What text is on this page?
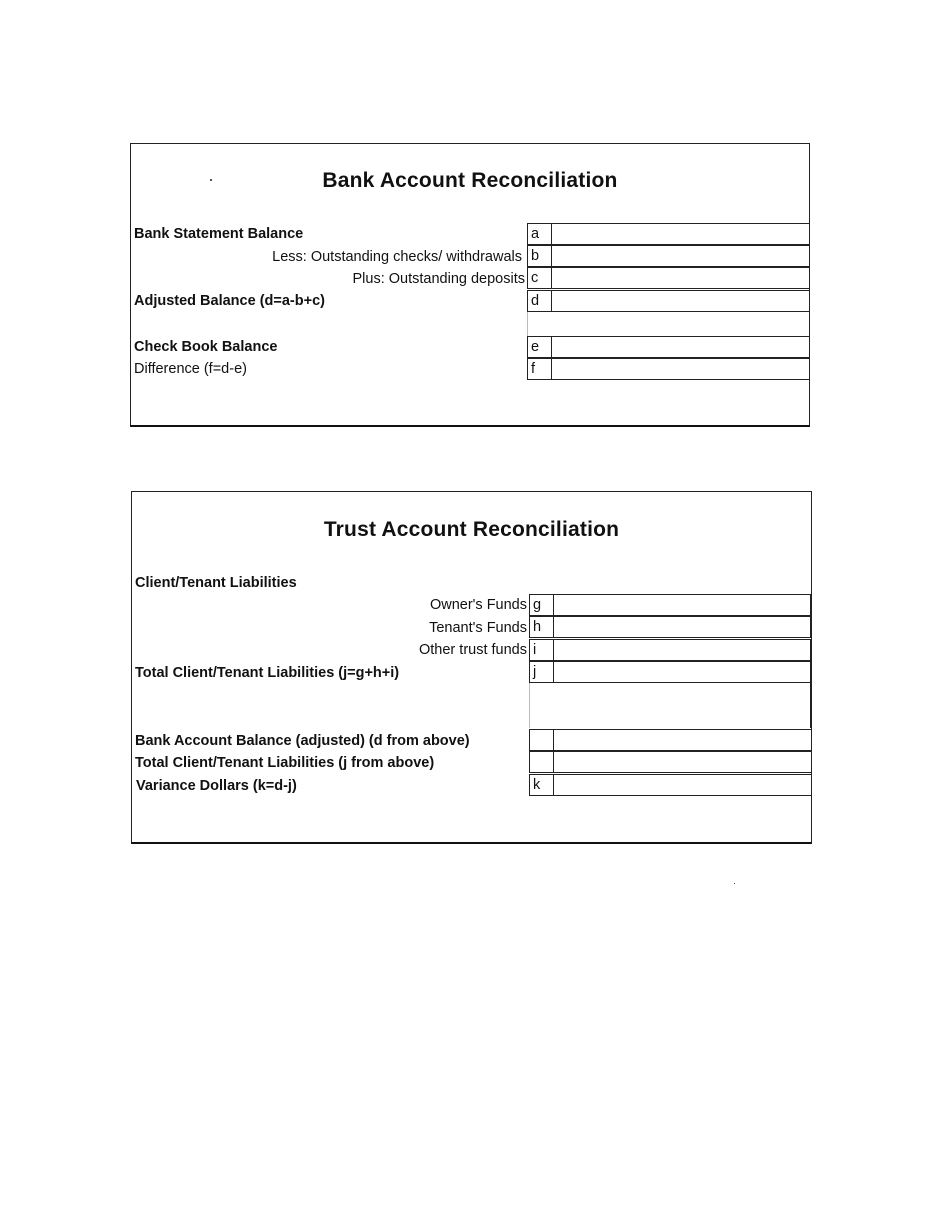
Bank Account Reconciliation
Bank Statement Balance
Less: Outstanding checks/ withdrawals
Plus: Outstanding deposits
Adjusted Balance (d=a-b+c)
Check Book Balance
Difference (f=d-e)
a
b
c
d
e
f
Trust Account Reconciliation
Client/Tenant Liabilities
Owner's Funds
Tenant's Funds
Other trust funds
Total Client/Tenant Liabilities (j=g+h+i)
Bank Account Balance (adjusted) (d from above)
Total Client/Tenant Liabilities (j from above)
Variance Dollars (k=d-j)
g
h
i
j
k
